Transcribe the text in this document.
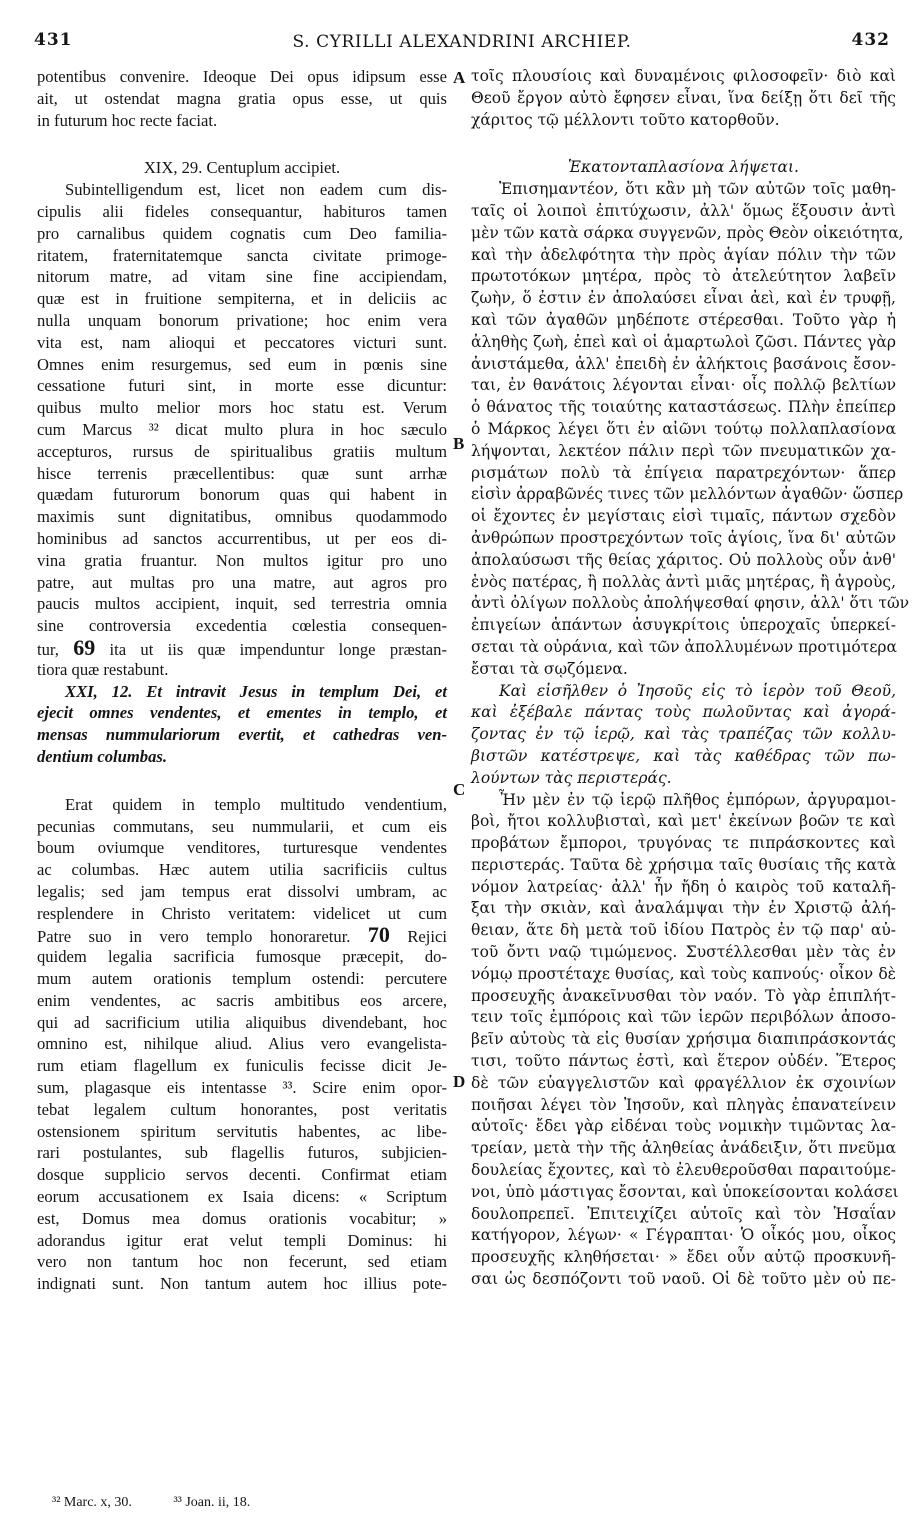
431	S. CYRILLI ALEXANDRINI ARCHIEP.	432
potentibus convenire. Ideoque Dei opus idipsum esse
ait, ut ostendat magna gratia opus esse, ut quis
in futurum hoc recte faciat.
XIX, 29. Centuplum accipiet.
Subintelligendum est, licet non eadem cum dis-
cipulis alii fideles consequantur, habituros tamen
pro carnalibus quidem cognatis cum Deo familia-
ritatem, fraternitatemque sancta civitate primoge-
nitorum matre, ad vitam sine fine accipiendam,
quæ est in fruitione sempiterna, et in deliciis ac
nulla unquam bonorum privatione; hoc enim vera
vita est, nam alioqui et peccatores victuri sunt.
Omnes enim resurgemus, sed eum in pœnis sine
cessatione futuri sint, in morte esse dicuntur:
quibus multo melior mors hoc statu est. Verum
cum Marcus ³² dicat multo plura in hoc sæculo
accepturos, rursus de spiritualibus gratiis multum
hisce terrenis præcellentibus: quæ sunt arrhæ
quædam futurorum bonorum quas qui habent in
maximis sunt dignitatibus, omnibus quodammodo
hominibus ad sanctos accurrentibus, ut per eos di-
vina gratia fruantur. Non multos igitur pro uno
patre, aut multas pro una matre, aut agros pro
paucis multos accipient, inquit, sed terrestria omnia
sine controversia excedentia cœlestia consequen-
tur, 69 ita ut iis quæ impenduntur longe præstan-
tiora quæ restabunt.
XXI, 12. Et intravit Jesus in templum Dei, et
ejecit omnes vendentes, et ementes in templo, et
mensas nummulariorum evertit, et cathedras ven-
dentium columbas.
Erat quidem in templo multitudo vendentium,
pecunias commutans, seu nummularii, et cum eis
boum oviumque venditores, turturesque vendentes
ac columbas. Hæc autem utilia sacrificiis cultus
legalis; sed jam tempus erat dissolvi umbram, ac
resplendere in Christo veritatem: videlicet ut cum
Patre suo in vero templo honoraretur. 70 Rejici
quidem legalia sacrificia fumosque præcepit, do-
mum autem orationis templum ostendi: percutere
enim vendentes, ac sacris ambitibus eos arcere,
qui ad sacrificium utilia aliquibus divendebant, hoc
omnino est, nihilque aliud. Alius vero evangelista-
rum etiam flagellum ex funiculis fecisse dicit Je-
sum, plagasque eis intentasse ³³. Scire enim opor-
tebat legalem cultum honorantes, post veritatis
ostensionem spiritum servitutis habentes, ac libe-
rari postulantes, sub flagellis futuros, subjicien-
dosque supplicio servos decenti. Confirmat etiam
eorum accusationem ex Isaia dicens: « Scriptum
est, Domus mea domus orationis vocabitur; »
adorandus igitur erat velut templi Dominus: hi
vero non tantum hoc non fecerunt, sed etiam
indignati sunt. Non tantum autem hoc illius pote-
A
B
C
D
τοῖς πλουσίοις καὶ δυναμένοις φιλοσοφεῖν· διὸ καὶ
Θεοῦ ἔργον αὐτὸ ἔφησεν εἶναι, ἵνα δείξῃ ὅτι δεῖ τῆς
χάριτος τῷ μέλλοντι τοῦτο κατορθοῦν.
Ἑκατονταπλασίονα λήψεται.
Ἐπισημαντέον, ὅτι κἂν μὴ τῶν αὐτῶν τοῖς μαθη-
ταῖς οἱ λοιποὶ ἐπιτύχωσιν, ἀλλ' ὅμως ἕξουσιν ἀντὶ
μὲν τῶν κατὰ σάρκα συγγενῶν, πρὸς Θεὸν οἰκειότητα,
καὶ τὴν ἀδελφότητα τὴν πρὸς ἁγίαν πόλιν τὴν τῶν
πρωτοτόκων μητέρα, πρὸς τὸ ἀτελεύτητον λαβεῖν
ζωὴν, ὅ ἐστιν ἐν ἀπολαύσει εἶναι ἀεὶ, καὶ ἐν τρυφῇ,
καὶ τῶν ἀγαθῶν μηδέποτε στέρεσθαι. Τοῦτο γὰρ ἡ
ἀληθὴς ζωὴ, ἐπεὶ καὶ οἱ ἁμαρτωλοὶ ζῶσι. Πάντες γὰρ
ἀνιστάμεθα, ἀλλ' ἐπειδὴ ἐν ἀλήκτοις βασάνοις ἔσον-
ται, ἐν θανάτοις λέγονται εἶναι· οἷς πολλῷ βελτίων
ὁ θάνατος τῆς τοιαύτης καταστάσεως. Πλὴν ἐπείπερ
ὁ Μάρκος λέγει ὅτι ἐν αἰῶνι τούτῳ πολλαπλασίονα
λήψονται, λεκτέον πάλιν περὶ τῶν πνευματικῶν χα-
ρισμάτων πολὺ τὰ ἐπίγεια παρατρεχόντων· ἅπερ
εἰσὶν ἀρραβῶνές τινες τῶν μελλόντων ἀγαθῶν· ὥσπερ
οἱ ἔχοντες ἐν μεγίσταις εἰσὶ τιμαῖς, πάντων σχεδὸν
ἀνθρώπων προστρεχόντων τοῖς ἁγίοις, ἵνα δι' αὐτῶν
ἀπολαύσωσι τῆς θείας χάριτος. Οὐ πολλοὺς οὖν ἀνθ'
ἑνὸς πατέρας, ἢ πολλὰς ἀντὶ μιᾶς μητέρας, ἢ ἀγροὺς,
ἀντὶ ὀλίγων πολλοὺς ἀπολήψεσθαί φησιν, ἀλλ' ὅτι τῶν
ἐπιγείων ἁπάντων ἀσυγκρίτοις ὑπεροχαῖς ὑπερκεί-
σεται τὰ οὐράνια, καὶ τῶν ἀπολλυμένων προτιμότερα
ἔσται τὰ σῳζόμενα.
Καὶ εἰσῆλθεν ὁ Ἰησοῦς εἰς τὸ ἱερὸν τοῦ Θεοῦ,
καὶ ἐξέβαλε πάντας τοὺς πωλοῦντας καὶ ἀγορά-
ζοντας ἐν τῷ ἱερῷ, καὶ τὰς τραπέζας τῶν κολλυ-
βιστῶν κατέστρεψε, καὶ τὰς καθέδρας τῶν πω-
λούντων τὰς περιστεράς.
Ἦν μὲν ἐν τῷ ἱερῷ πλῆθος ἐμπόρων, ἀργυραμοι-
βοὶ, ἤτοι κολλυβισταὶ, καὶ μετ' ἐκείνων βοῶν τε καὶ
προβάτων ἔμποροι, τρυγόνας τε πιπράσκοντες καὶ
περιστεράς. Ταῦτα δὲ χρήσιμα ταῖς θυσίαις τῆς κατὰ
νόμον λατρείας· ἀλλ' ἦν ἤδη ὁ καιρὸς τοῦ καταλῆ-
ξαι τὴν σκιὰν, καὶ ἀναλάμψαι τὴν ἐν Χριστῷ ἀλή-
θειαν, ἅτε δὴ μετὰ τοῦ ἰδίου Πατρὸς ἐν τῷ παρ' αὐ-
τοῦ ὄντι ναῷ τιμώμενος. Συστέλλεσθαι μὲν τὰς ἐν
νόμῳ προστέταχε θυσίας, καὶ τοὺς καπνούς· οἶκον δὲ
προσευχῆς ἀνακεῖνυσθαι τὸν ναόν. Τὸ γὰρ ἐπιπλήτ-
τειν τοῖς ἐμπόροις καὶ τῶν ἱερῶν περιβόλων ἀποσο-
βεῖν αὐτοὺς τὰ εἰς θυσίαν χρήσιμα διαπιπράσκοντάς
τισι, τοῦτο πάντως ἐστὶ, καὶ ἕτερον οὐδέν. Ἕτερος
δὲ τῶν εὐαγγελιστῶν καὶ φραγέλλιον ἐκ σχοινίων
ποιῆσαι λέγει τὸν Ἰησοῦν, καὶ πληγὰς ἐπανατείνειν
αὐτοῖς· ἔδει γὰρ εἰδέναι τοὺς νομικὴν τιμῶντας λα-
τρείαν, μετὰ τὴν τῆς ἀληθείας ἀνάδειξιν, ὅτι πνεῦμα
δουλείας ἔχοντες, καὶ τὸ ἐλευθεροῦσθαι παραιτούμε-
νοι, ὑπὸ μάστιγας ἔσονται, καὶ ὑποκείσονται κολάσει
δουλοπρεπεῖ. Ἐπιτειχίζει αὐτοῖς καὶ τὸν Ἡσαΐαν
κατήγορον, λέγων· « Γέγραπται· Ὁ οἶκός μου, οἶκος
προσευχῆς κληθήσεται· » ἔδει οὖν αὐτῷ προσκυνῆ-
σαι ὡς δεσπόζοντι τοῦ ναοῦ. Οἱ δὲ τοῦτο μὲν οὐ πε-
³² Marc. x, 30.	³³ Joan. ii, 18.
